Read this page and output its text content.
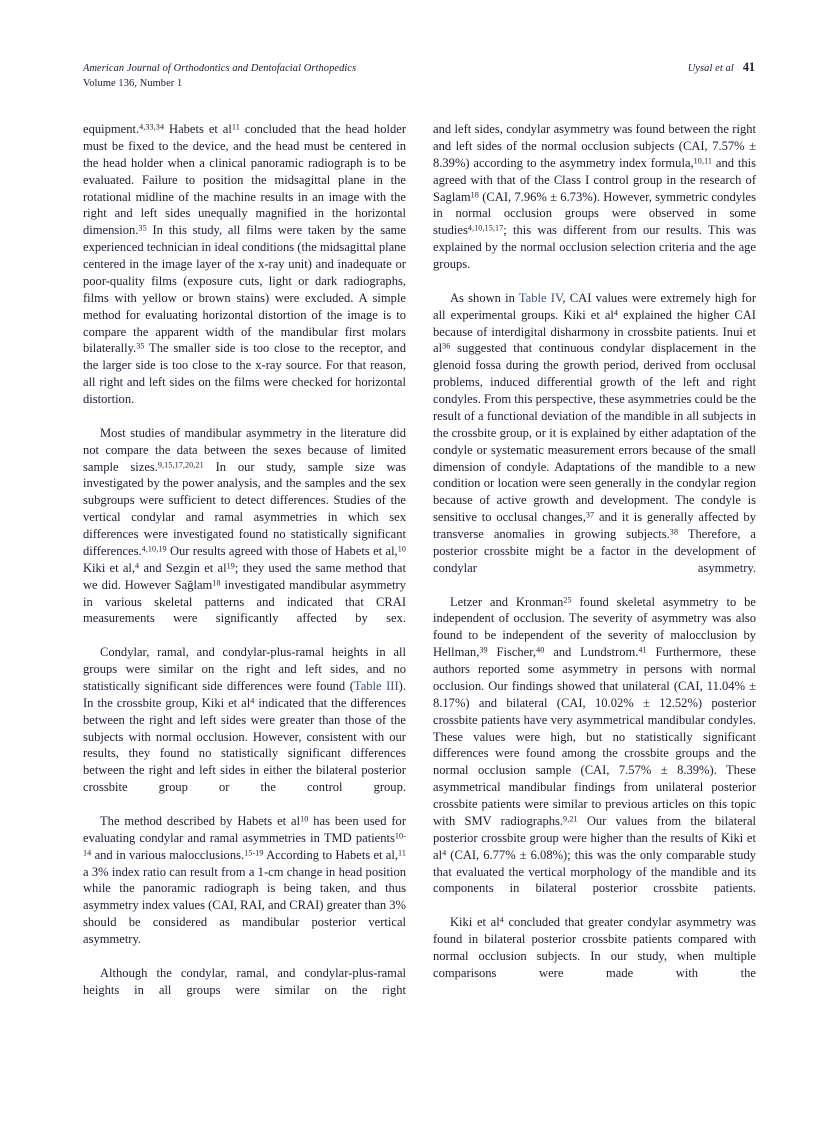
American Journal of Orthodontics and Dentofacial Orthopedics	Uysal et al 41
Volume 136, Number 1

equipment.$^{4,33,34}$ Habets et $al^{11}$ concluded that the head holder must be fixed to the device, and the head must be centered in the head holder when a clinical panoramic radiograph is to be evaluated. Failure to position the midsagittal plane in the rotational midline of the machine results in an image with the right and left sides unequally magnified in the horizontal dimension.$^{35}$ In this study, all films were taken by the same experienced technician in ideal conditions (the midsagittal plane centered in the image layer of the x-ray unit) and inadequate or poor-quality films (exposure cuts, light or dark radiographs, films with yellow or brown stains) were excluded. A simple method for evaluating horizontal distortion of the image is to compare the apparent width of the mandibular first molars bilaterally.$^{35}$ The smaller side is too close to the receptor, and the larger side is too close to the x-ray source. For that reason, all right and left sides on the films were checked for horizontal distortion.

Most studies of mandibular asymmetry in the literature did not compare the data between the sexes because of limited sample sizes.$^{9,15,17,20,21}$ In our study, sample size was investigated by the power analysis, and the samples and the sex subgroups were sufficient to detect differences. Studies of the vertical condylar and ramal asymmetries in which sex differences were investigated found no statistically significant differences.$^{4,10,19}$ Our results agreed with those of Habets et al,$^{10}$ Kiki et al,$^4$ and Sezgin et $al^{19}$; they used the same method that we did. However Sağlam$^{18}$ investigated mandibular asymmetry in various skeletal patterns and indicated that CRAI measurements were significantly affected by sex.

Condylar, ramal, and condylar-plus-ramal heights in all groups were similar on the right and left sides, and no statistically significant side differences were found (Table III). In the crossbite group, Kiki et $al^4$ indicated that the differences between the right and left sides were greater than those of the subjects with normal occlusion. However, consistent with our results, they found no statistically significant differences between the right and left sides in either the bilateral posterior crossbite group or the control group.

The method described by Habets et $al^{10}$ has been used for evaluating condylar and ramal asymmetries in TMD patients$^{10-14}$ and in various malocclusions.$^{15-19}$ According to Habets et al,$^{11}$ a 3% index ratio can result from a 1-cm change in head position while the panoramic radiograph is being taken, and thus asymmetry index values (CAI, RAI, and CRAI) greater than 3% should be considered as mandibular posterior vertical asymmetry.

Although the condylar, ramal, and condylar-plus-ramal heights in all groups were similar on the right

and left sides, condylar asymmetry was found between the right and left sides of the normal occlusion subjects (CAI, 7.57% ± 8.39%) according to the asymmetry index formula,$^{10,11}$ and this agreed with that of the Class I control group in the research of Saglam$^{18}$ (CAI, 7.96% ± 6.73%). However, symmetric condyles in normal occlusion groups were observed in some studies$^{4,10,15,17}$; this was different from our results. This was explained by the normal occlusion selection criteria and the age groups.

As shown in Table IV, CAI values were extremely high for all experimental groups. Kiki et $al^4$ explained the higher CAI because of interdigital disharmony in crossbite patients. Inui et $al^{36}$ suggested that continuous condylar displacement in the glenoid fossa during the growth period, derived from occlusal problems, induced differential growth of the left and right condyles. From this perspective, these asymmetries could be the result of a functional deviation of the mandible in all subjects in the crossbite group, or it is explained by either adaptation of the condyle or systematic measurement errors because of the small dimension of condyle. Adaptations of the mandible to a new condition or location were seen generally in the condylar region because of active growth and development. The condyle is sensitive to occlusal changes,$^{37}$ and it is generally affected by transverse anomalies in growing subjects.$^{38}$ Therefore, a posterior crossbite might be a factor in the development of condylar asymmetry.

Letzer and Kronman$^{25}$ found skeletal asymmetry to be independent of occlusion. The severity of asymmetry was also found to be independent of the severity of malocclusion by Hellman,$^{39}$ Fischer,$^{40}$ and Lundstrom.$^{41}$ Furthermore, these authors reported some asymmetry in persons with normal occlusion. Our findings showed that unilateral (CAI, 11.04% ± 8.17%) and bilateral (CAI, 10.02% ± 12.52%) posterior crossbite patients have very asymmetrical mandibular condyles. These values were high, but no statistically significant differences were found among the crossbite groups and the normal occlusion sample (CAI, 7.57% ± 8.39%). These asymmetrical mandibular findings from unilateral posterior crossbite patients were similar to previous articles on this topic with SMV radiographs.$^{9,21}$ Our values from the bilateral posterior crossbite group were higher than the results of Kiki et $al^4$ (CAI, 6.77% ± 6.08%); this was the only comparable study that evaluated the vertical morphology of the mandible and its components in bilateral posterior crossbite patients.

Kiki et $al^4$ concluded that greater condylar asymmetry was found in bilateral posterior crossbite patients compared with normal occlusion subjects. In our study, when multiple comparisons were made with the
